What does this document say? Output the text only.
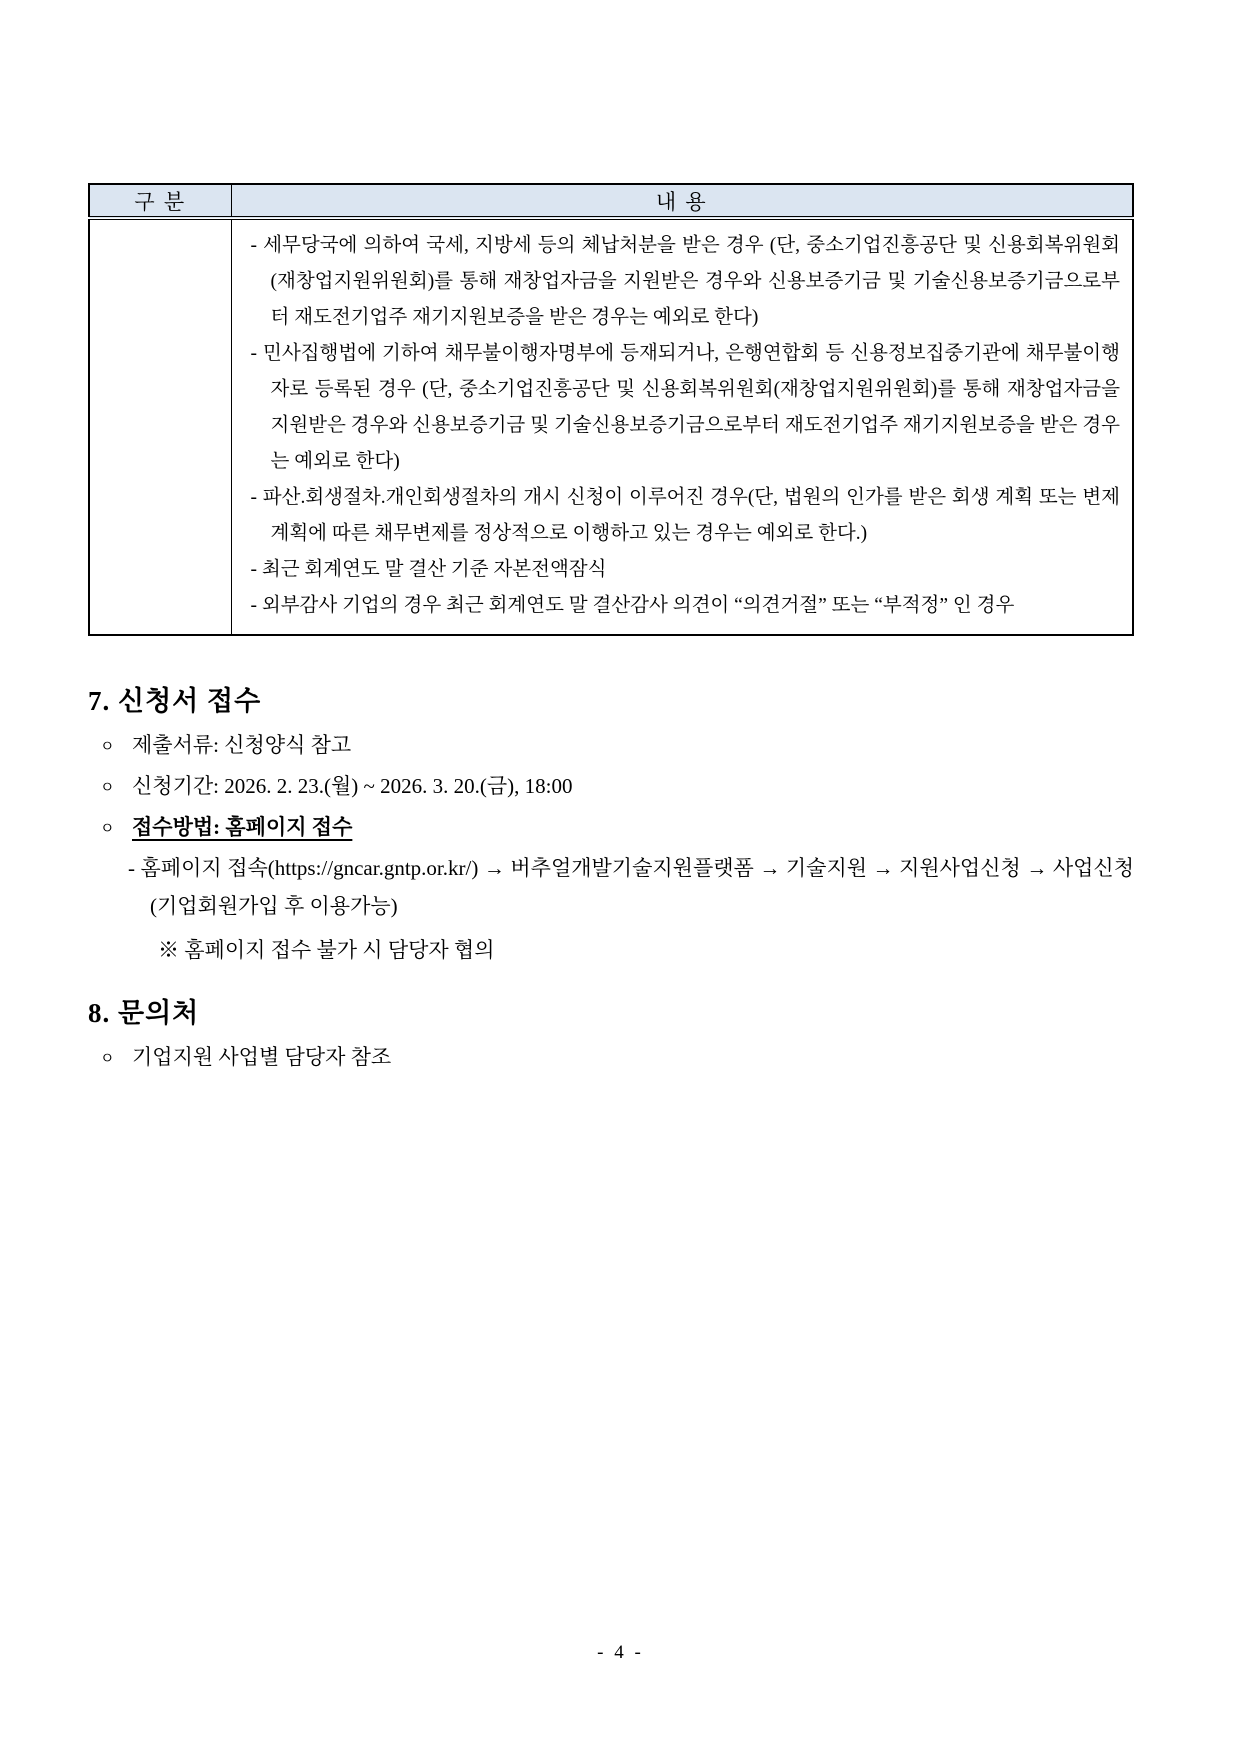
구 분	내 용

	- 세무당국에 의하여 국세, 지방세 등의 체납처분을 받은 경우 (단, 중소기업진흥공단 및 신용회복위원회(재창업지원위원회)를 통해 재창업자금을 지원받은 경우와 신용보증기금 및 기술신용보증기금으로부터 재도전기업주 재기지원보증을 받은 경우는 예외로 한다)

- 민사집행법에 기하여 채무불이행자명부에 등재되거나, 은행연합회 등 신용정보집중기관에 채무불이행자로 등록된 경우 (단, 중소기업진흥공단 및 신용회복위원회(재창업지원위원회)를 통해 재창업자금을 지원받은 경우와 신용보증기금 및 기술신용보증기금으로부터 재도전기업주 재기지원보증을 받은 경우는 예외로 한다)

- 파산.회생절차.개인회생절차의 개시 신청이 이루어진 경우(단, 법원의 인가를 받은 회생 계획 또는 변제계획에 따른 채무변제를 정상적으로 이행하고 있는 경우는 예외로 한다.)

- 최근 회계연도 말 결산 기준 자본전액잠식

- 외부감사 기업의 경우 최근 회계연도 말 결산감사 의견이 “의견거절” 또는 “부적정” 인 경우

7. 신청서 접수
ㅇ 제출서류: 신청양식 참고
ㅇ 신청기간: 2026. 2. 23.(월) ~ 2026. 3. 20.(금), 18:00
ㅇ 접수방법: 홈페이지 접수

- 홈페이지 접속(https://gncar.gntp.or.kr/) → 버추얼개발기술지원플랫폼 → 기술지원 → 지원사업신청 → 사업신청(기업회원가입 후 이용가능)

※ 홈페이지 접수 불가 시 담당자 협의

8. 문의처
ㅇ 기업지원 사업별 담당자 참조
- 4 -
